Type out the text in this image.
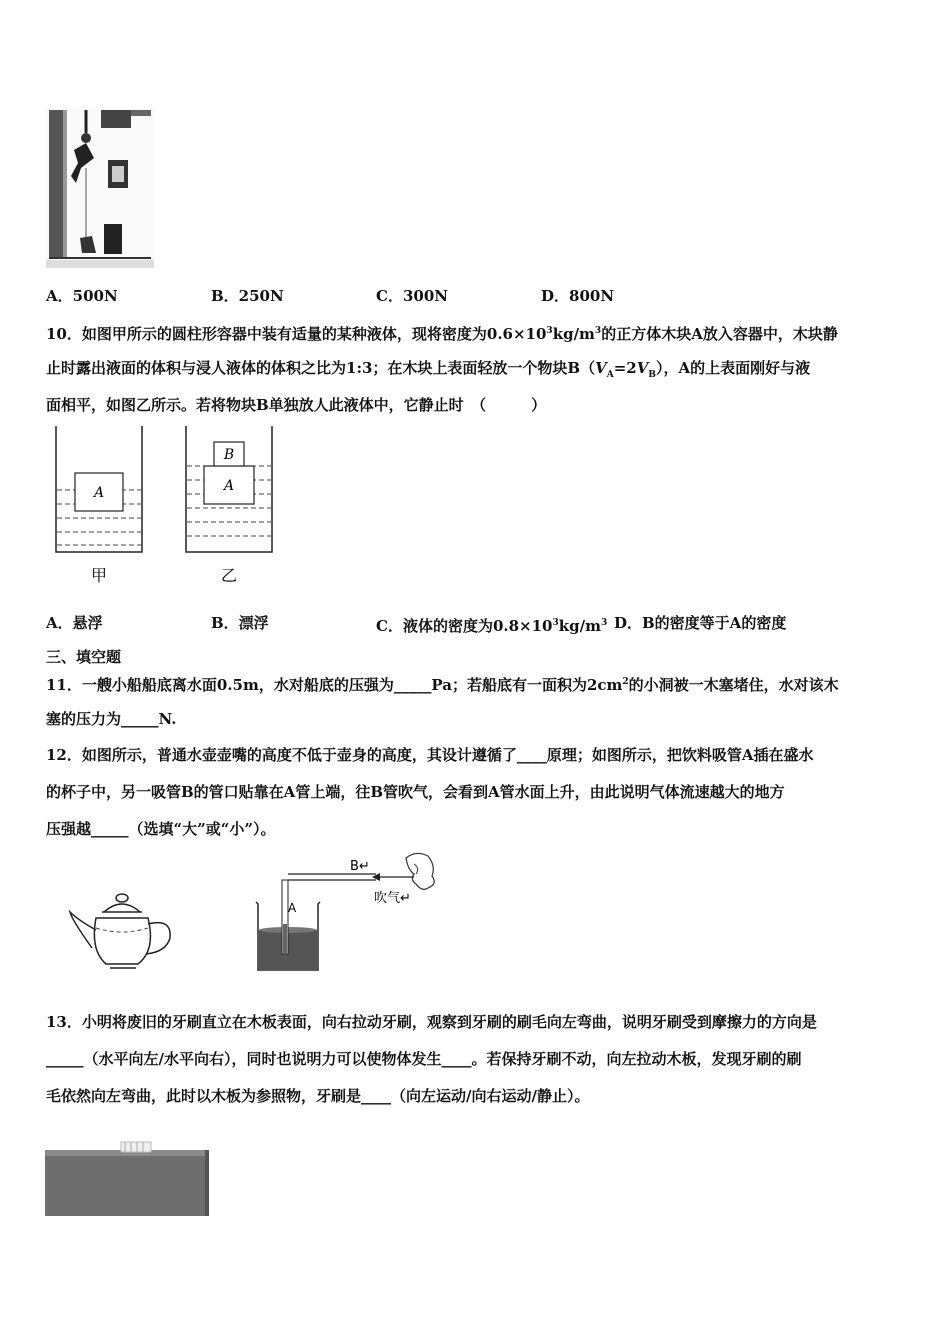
A．500N	B．250N	C．300N	D．800N
10．如图甲所示的圆柱形容器中装有适量的某种液体，现将密度为$0.6\times 10^3kg/m^3$的正方体木块A放入容器中，木块静
止时露出液面的体积与浸人液体的体积之比为1:3；在木块上表面轻放一个物块$B(V_A=2V_B)$，A的上表面刚好与液
面相平，如图乙所示。若将物块B单独放人此液体中，它静止时　（　　　）
A
甲
A
B
乙
A．悬浮	B．漂浮	C．液体的密度为$0.8\times 10^3kg/m^3$ D．B的密度等于A的密度
三、填空题
11．一艘小船船底离水面0.5m，水对船底的压强为_____Pa；若船底有一面积为$2cm^2$的小洞被一木塞堵住，水对该木
塞的压力为_____N.
12．如图所示，普通水壶壶嘴的高度不低于壶身的高度，其设计遵循了____原理；如图所示，把饮料吸管A插在盛水
的杯子中，另一吸管B的管口贴靠在A管上端，往B管吹气，会看到A管水面上升，由此说明气体流速越大的地方
压强越_____（选填“大”或“小”）。
B↵
A
吹气↵
13．小明将废旧的牙刷直立在木板表面，向右拉动牙刷，观察到牙刷的刷毛向左弯曲，说明牙刷受到摩擦力的方向是
_____（水平向左/水平向右），同时也说明力可以使物体发生____。若保持牙刷不动，向左拉动木板，发现牙刷的刷
毛依然向左弯曲，此时以木板为参照物，牙刷是____（向左运动/向右运动/静止）。
